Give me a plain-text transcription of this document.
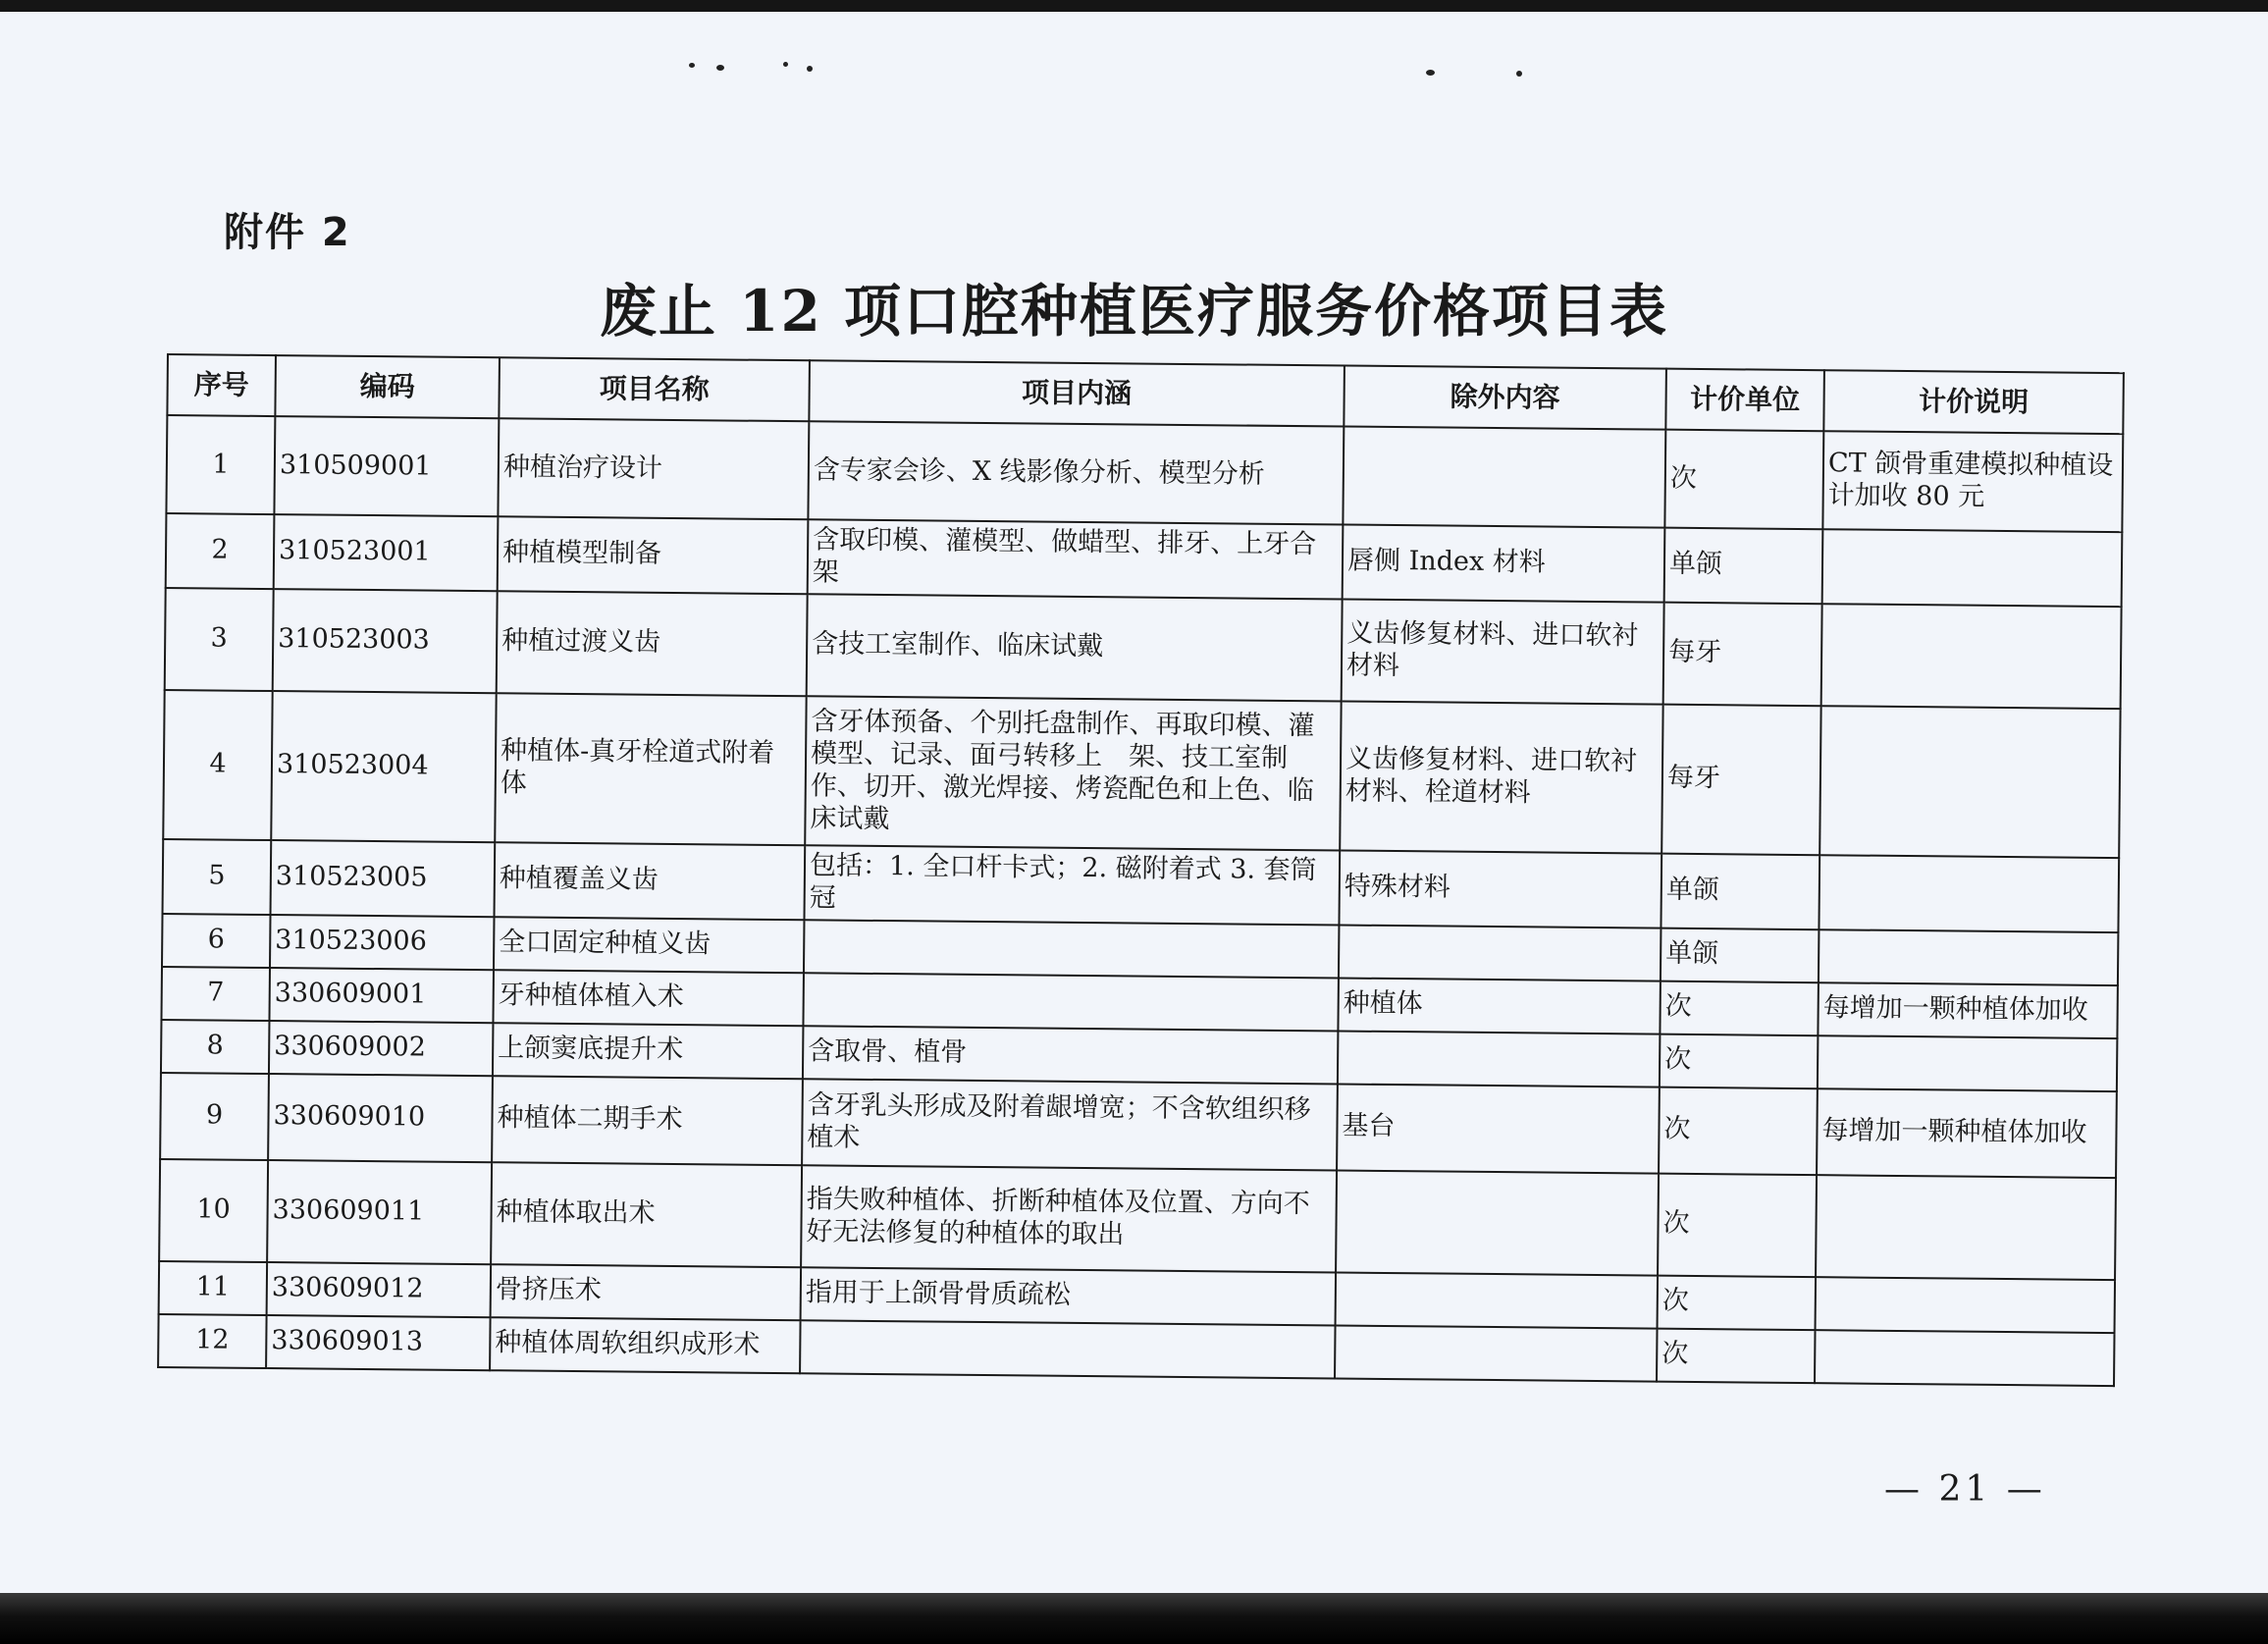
附件 2
废止 12 项口腔种植医疗服务价格项目表
序号	编码	项目名称	项目内涵	除外内容	计价单位	计价说明
1	310509001	种植治疗设计	含专家会诊、X 线影像分析、模型分析		次	CT 颌骨重建模拟种植设计加收 80 元
2	310523001	种植模型制备	含取印模、灌模型、做蜡型、排牙、上牙合架	唇侧 Index 材料	单颌	
3	310523003	种植过渡义齿	含技工室制作、临床试戴	义齿修复材料、进口软衬材料	每牙	
4	310523004	种植体-真牙栓道式附着体	含牙体预备、个别托盘制作、再取印模、灌模型、记录、面弓转移上　架、技工室制作、切开、激光焊接、烤瓷配色和上色、临床试戴	义齿修复材料、进口软衬材料、栓道材料	每牙	
5	310523005	种植覆盖义齿	包括：1. 全口杆卡式；2. 磁附着式 3. 套筒冠	特殊材料	单颌	
6	310523006	全口固定种植义齿			单颌	
7	330609001	牙种植体植入术		种植体	次	每增加一颗种植体加收
8	330609002	上颌窦底提升术	含取骨、植骨		次	
9	330609010	种植体二期手术	含牙乳头形成及附着龈增宽；不含软组织移植术	基台	次	每增加一颗种植体加收
10	330609011	种植体取出术	指失败种植体、折断种植体及位置、方向不好无法修复的种植体的取出		次	
11	330609012	骨挤压术	指用于上颌骨骨质疏松		次	
12	330609013	种植体周软组织成形术			次	
— 21 —
